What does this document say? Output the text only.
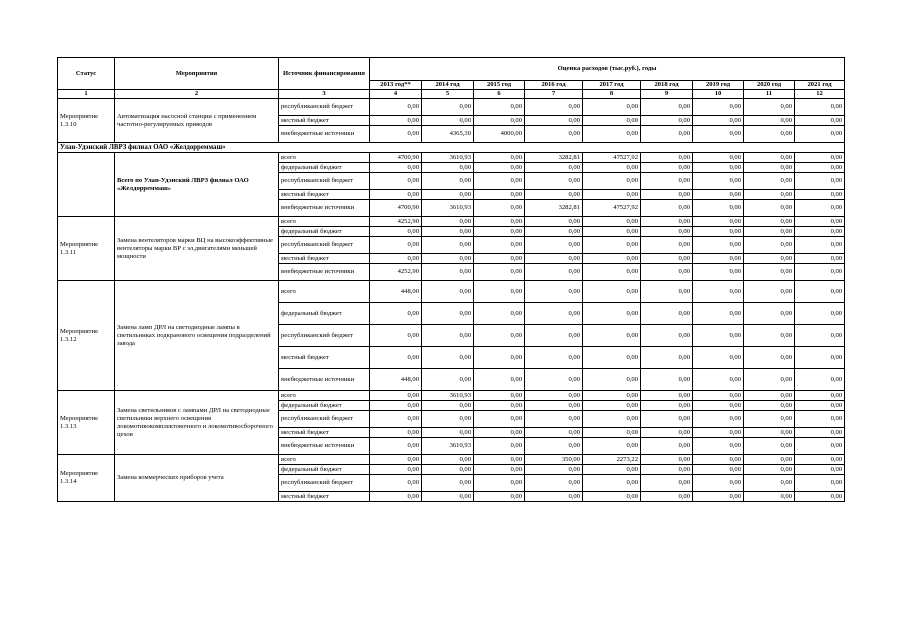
Статус	Мероприятия	Источник финансирования	Оценка расходов (тыс.руб.), годы								
			2013 год**	2014 год	2015 год	2016 год	2017 год	2018 год	2019 год	2020 год	2021 год
1	2	3	4	5	6	7	8	9	10	11	12
Мероприятие 1.3.10	Автоматизация насосной станции с применением частотно-регулируемых приводов	республиканский бюджет	0,00	0,00	0,00	0,00	0,00	0,00	0,00	0,00	0,00
		местный бюджет	0,00	0,00	0,00	0,00	0,00	0,00	0,00	0,00	0,00
		внебюджетные источники	0,00	4365,30	4000,00	0,00	0,00	0,00	0,00	0,00	0,00
Улан-Удэнский ЛВРЗ филиал ОАО «Желдорреммаш»											
	Всего по Улан-Удэнский ЛВРЗ филиал ОАО «Желдорреммаш»	всего	4700,90	3610,93	0,00	3282,81	47527,92	0,00	0,00	0,00	0,00
		федеральный бюджет	0,00	0,00	0,00	0,00	0,00	0,00	0,00	0,00	0,00
		республиканский бюджет	0,00	0,00	0,00	0,00	0,00	0,00	0,00	0,00	0,00
		местный бюджет	0,00	0,00	0,00	0,00	0,00	0,00	0,00	0,00	0,00
		внебюджетные источники	4700,90	3610,93	0,00	3282,81	47527,92	0,00	0,00	0,00	0,00
Мероприятие 1.3.11	Замена вентеляторов марки ВЦ на высокоэффективные вентеляторы марки ВР с эл.двигателями меньшей мощности	всего	4252,90	0,00	0,00	0,00	0,00	0,00	0,00	0,00	0,00
		федеральный бюджет	0,00	0,00	0,00	0,00	0,00	0,00	0,00	0,00	0,00
		республиканский бюджет	0,00	0,00	0,00	0,00	0,00	0,00	0,00	0,00	0,00
		местный бюджет	0,00	0,00	0,00	0,00	0,00	0,00	0,00	0,00	0,00
		внебюджетные источники	4252,90	0,00	0,00	0,00	0,00	0,00	0,00	0,00	0,00
Мероприятие 1.3.12	Замена ламп ДРЛ на светодиодные лампы в светильниках подкранового освещения подразделений завода	всего	448,00	0,00	0,00	0,00	0,00	0,00	0,00	0,00	0,00
		федеральный бюджет	0,00	0,00	0,00	0,00	0,00	0,00	0,00	0,00	0,00
		республиканский бюджет	0,00	0,00	0,00	0,00	0,00	0,00	0,00	0,00	0,00
		местный бюджет	0,00	0,00	0,00	0,00	0,00	0,00	0,00	0,00	0,00
		внебюджетные источники	448,00	0,00	0,00	0,00	0,00	0,00	0,00	0,00	0,00
Мероприятие 1.3.13	Замена светильников с лампами ДРЛ на светодиодные светильники верхнего освещения локомотивокомплектовочного и локомотивосборочного цехов	всего	0,00	3610,93	0,00	0,00	0,00	0,00	0,00	0,00	0,00
		федеральный бюджет	0,00	0,00	0,00	0,00	0,00	0,00	0,00	0,00	0,00
		республиканский бюджет	0,00	0,00	0,00	0,00	0,00	0,00	0,00	0,00	0,00
		местный бюджет	0,00	0,00	0,00	0,00	0,00	0,00	0,00	0,00	0,00
		внебюджетные источники	0,00	3610,93	0,00	0,00	0,00	0,00	0,00	0,00	0,00
Мероприятие 1.3.14	Замена коммерческих приборов учета	всего	0,00	0,00	0,00	350,00	2273,22	0,00	0,00	0,00	0,00
		федеральный бюджет	0,00	0,00	0,00	0,00	0,00	0,00	0,00	0,00	0,00
		республиканский бюджет	0,00	0,00	0,00	0,00	0,00	0,00	0,00	0,00	0,00
		местный бюджет	0,00	0,00	0,00	0,00	0,00	0,00	0,00	0,00	0,00
